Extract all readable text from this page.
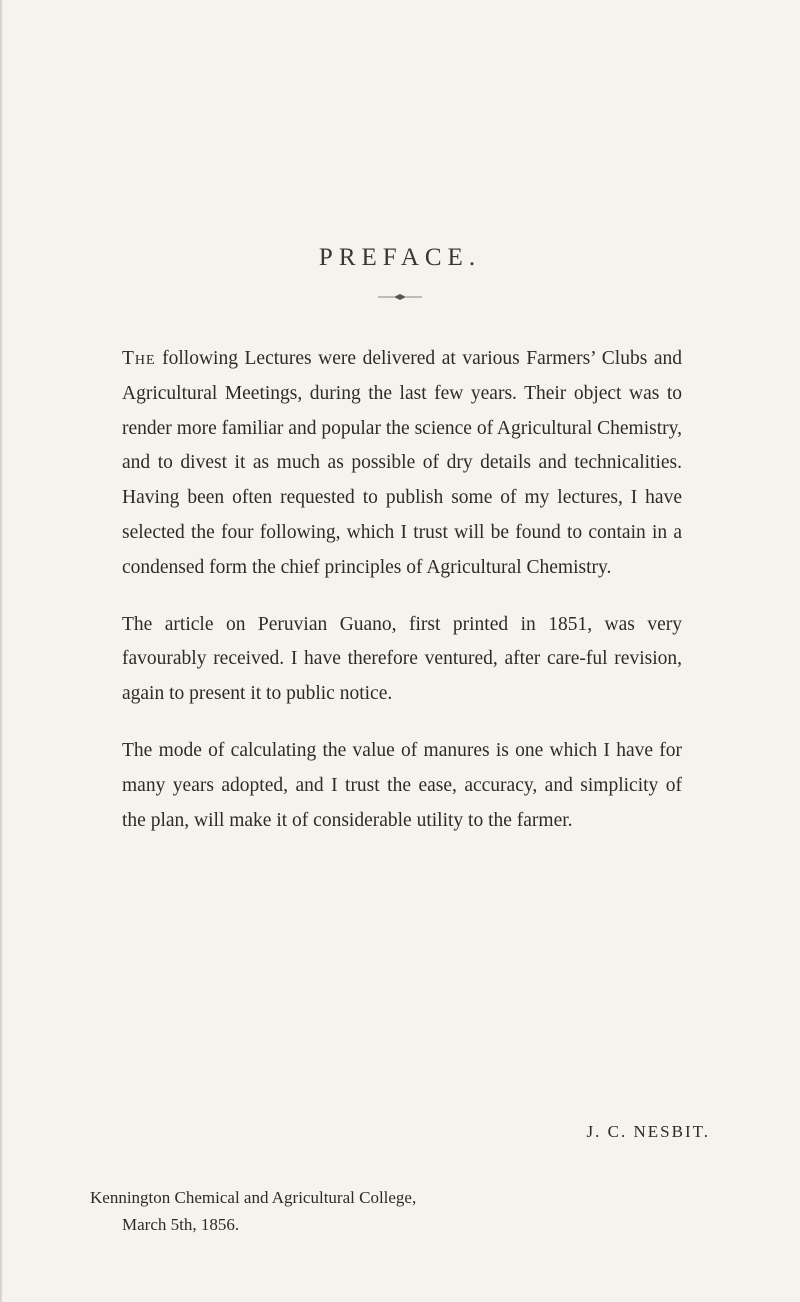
PREFACE.

The following Lectures were delivered at various Farmers’ Clubs and Agricultural Meetings, during the last few years. Their object was to render more familiar and popular the science of Agricultural Chemistry, and to divest it as much as possible of dry details and technicalities. Having been often requested to publish some of my lectures, I have selected the four following, which I trust will be found to contain in a condensed form the chief principles of Agricultural Chemistry.

The article on Peruvian Guano, first printed in 1851, was very favourably received. I have therefore ventured, after care-ful revision, again to present it to public notice.

The mode of calculating the value of manures is one which I have for many years adopted, and I trust the ease, accuracy, and simplicity of the plan, will make it of considerable utility to the farmer.

J. C. NESBIT.
Kennington Chemical and Agricultural College,
March 5th, 1856.
